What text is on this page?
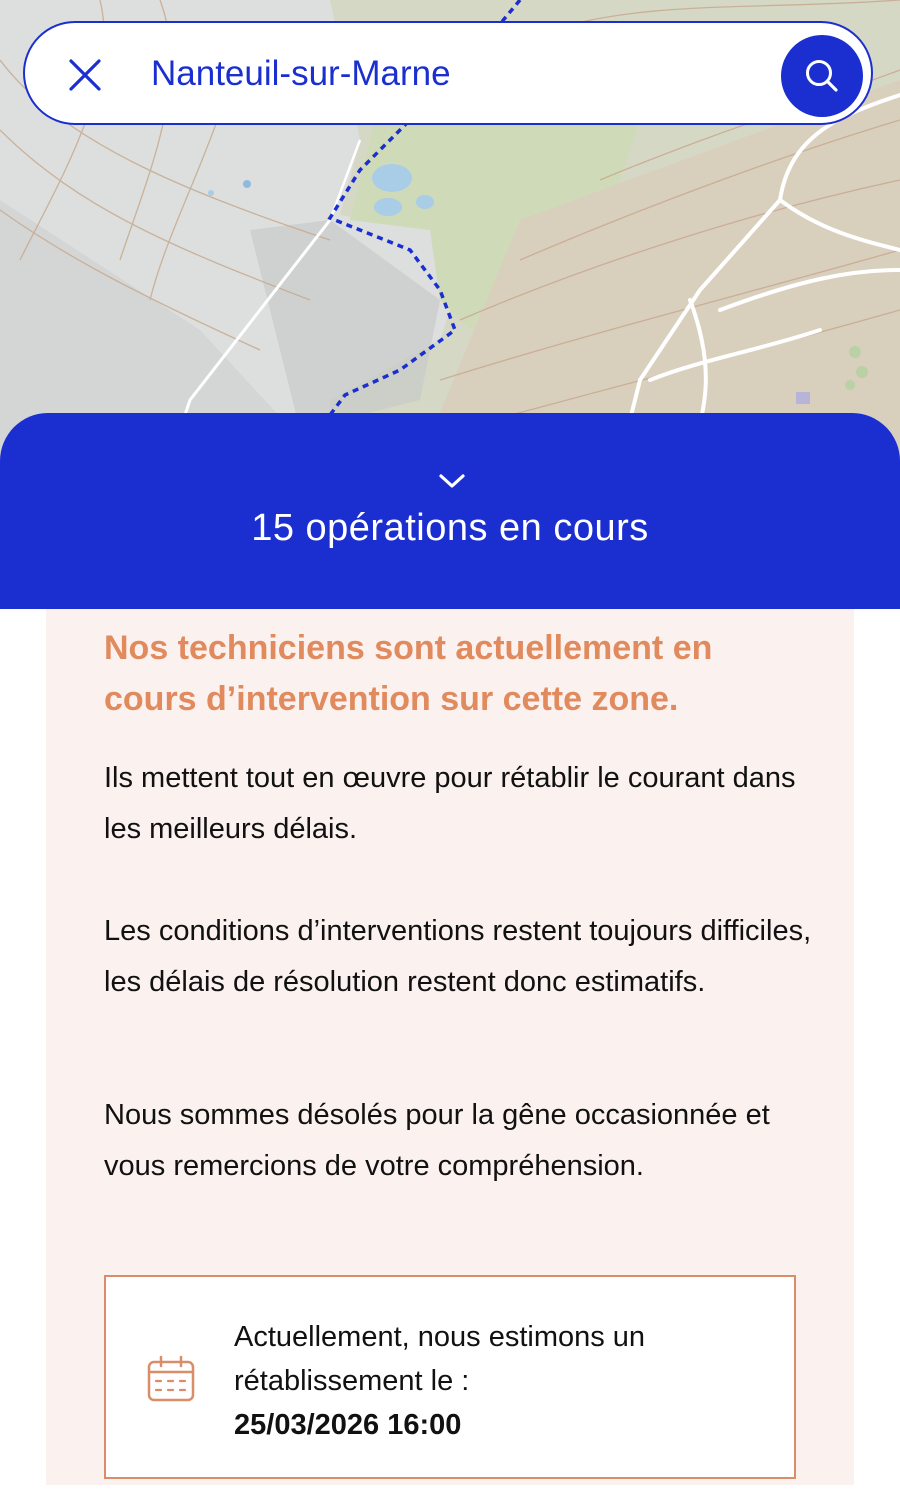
Nanteuil-sur-Marne
15 opérations en cours

Nos techniciens sont actuellement en cours d’intervention sur cette zone.

Ils mettent tout en œuvre pour rétablir le courant dans les meilleurs délais.

Les conditions d’interventions restent toujours difficiles, les délais de résolution restent donc estimatifs.

Nous sommes désolés pour la gêne occasionnée et vous remercions de votre compréhension.

Actuellement, nous estimons un rétablissement le :
25/03/2026 16:00
